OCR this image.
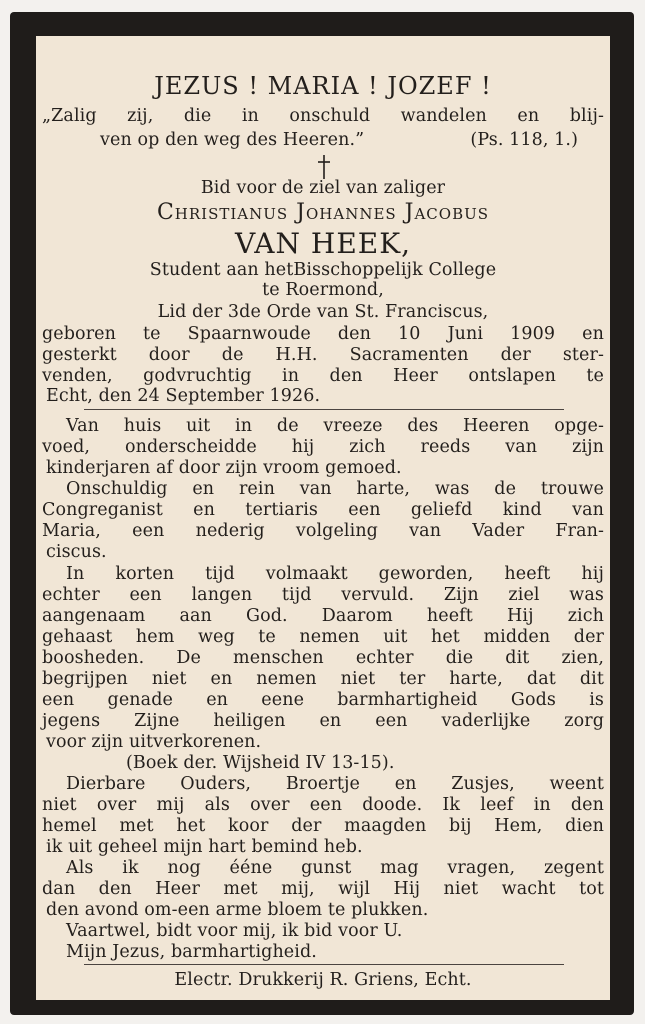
JEZUS ! MARIA ! JOZEF !
„Zalig zij, die in onschuld wandelen en blij-
ven op den weg des Heeren.”	(Ps. 118, 1.)
Bid voor de ziel van zaliger
Christianus Johannes Jacobus
VAN HEEK,
Student aan hetBisschoppelijk College
te Roermond,
Lid der 3de Orde van St. Franciscus,
geboren te Spaarnwoude den 10 Juni 1909 en
gesterkt door de H.H. Sacramenten der ster-
venden, godvruchtig in den Heer ontslapen te
Echt, den 24 September 1926.
Van huis uit in de vreeze des Heeren opge-
voed, onderscheidde hij zich reeds van zijn
kinderjaren af door zijn vroom gemoed.
Onschuldig en rein van harte, was de trouwe
Congreganist en tertiaris een geliefd kind van
Maria, een nederig volgeling van Vader Fran-
ciscus.
In korten tijd volmaakt geworden, heeft hij
echter een langen tijd vervuld. Zijn ziel was
aangenaam aan God. Daarom heeft Hij zich
gehaast hem weg te nemen uit het midden der
boosheden. De menschen echter die dit zien,
begrijpen niet en nemen niet ter harte, dat dit
een genade en eene barmhartigheid Gods is
jegens Zijne heiligen en een vaderlijke zorg
voor zijn uitverkorenen.
(Boek der. Wijsheid IV 13-15).
Dierbare Ouders, Broertje en Zusjes, weent
niet over mij als over een doode. Ik leef in den
hemel met het koor der maagden bij Hem, dien
ik uit geheel mijn hart bemind heb.
Als ik nog ééne gunst mag vragen, zegent
dan den Heer met mij, wijl Hij niet wacht tot
den avond om-een arme bloem te plukken.
Vaartwel, bidt voor mij, ik bid voor U.
Mijn Jezus, barmhartigheid.
Electr. Drukkerij R. Griens, Echt.
